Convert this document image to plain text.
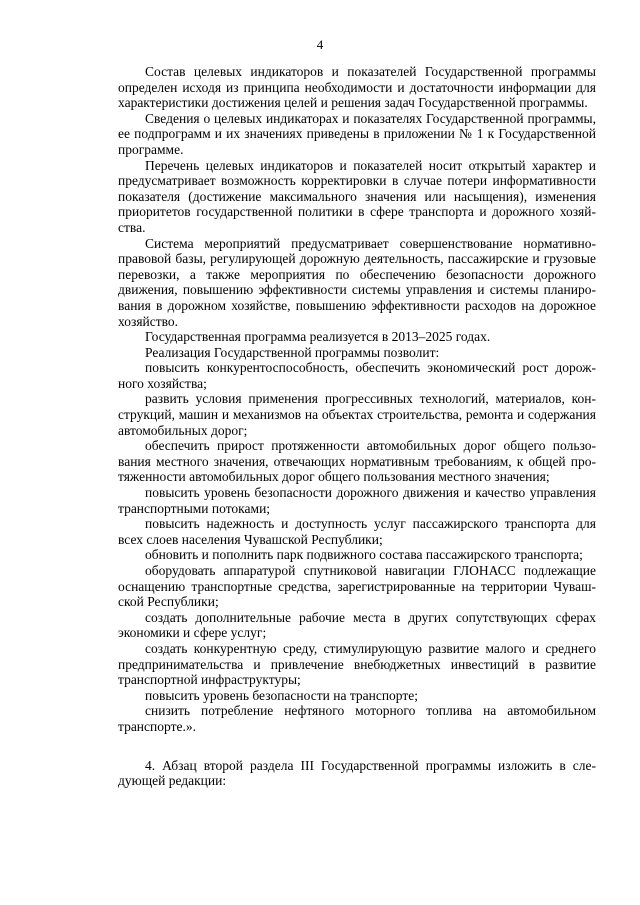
4

Состав целевых индикаторов и показателей Государственной программы определен исходя из принципа необходимости и достаточности информации для характеристики достижения целей и решения задач Государственной программы.

Сведения о целевых индикаторах и показателях Государственной программы, ее подпрограмм и их значениях приведены в приложении № 1 к Государственной программе.

Перечень целевых индикаторов и показателей носит открытый характер и предусматривает возможность корректировки в случае потери информативности показателя (достижение максимального значения или насыщения), изменения приоритетов государственной политики в сфере транспорта и дорожного хозяйства.

Система мероприятий предусматривает совершенствование нормативно-правовой базы, регулирующей дорожную деятельность, пассажирские и грузовые перевозки, а также мероприятия по обеспечению безопасности дорожного движения, повышению эффективности системы управления и системы планирования в дорожном хозяйстве, повышению эффективности расходов на дорожное хозяйство.

Государственная программа реализуется в 2013–2025 годах.

Реализация Государственной программы позволит:

повысить конкурентоспособность, обеспечить экономический рост дорожного хозяйства;

развить условия применения прогрессивных технологий, материалов, конструкций, машин и механизмов на объектах строительства, ремонта и содержания автомобильных дорог;

обеспечить прирост протяженности автомобильных дорог общего пользования местного значения, отвечающих нормативным требованиям, к общей протяженности автомобильных дорог общего пользования местного значения;

повысить уровень безопасности дорожного движения и качество управления транспортными потоками;

повысить надежность и доступность услуг пассажирского транспорта для всех слоев населения Чувашской Республики;

обновить и пополнить парк подвижного состава пассажирского транспорта;

оборудовать аппаратурой спутниковой навигации ГЛОНАСС подлежащие оснащению транспортные средства, зарегистрированные на территории Чувашской Республики;

создать дополнительные рабочие места в других сопутствующих сферах экономики и сфере услуг;

создать конкурентную среду, стимулирующую развитие малого и среднего предпринимательства и привлечение внебюджетных инвестиций в развитие транспортной инфраструктуры;

повысить уровень безопасности на транспорте;

снизить потребление нефтяного моторного топлива на автомобильном транспорте.».

4. Абзац второй раздела III Государственной программы изложить в следующей редакции:
